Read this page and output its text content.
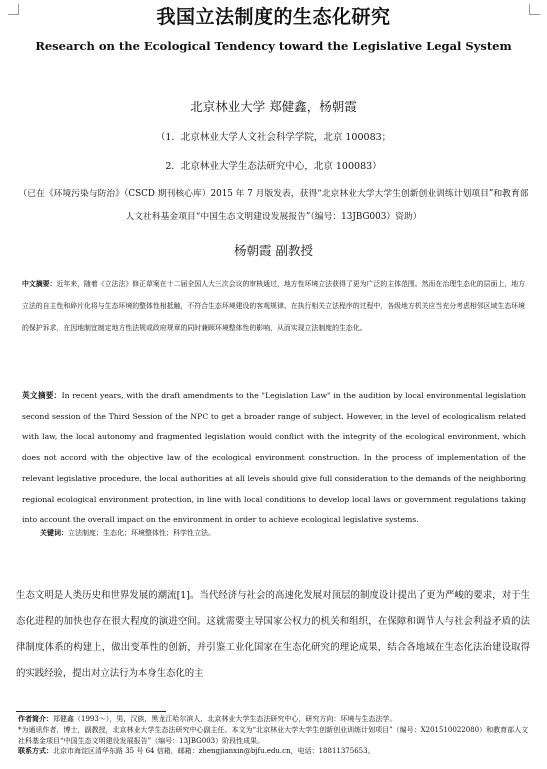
我国立法制度的生态化研究
Research on the Ecological Tendency toward the Legislative Legal System
北京林业大学 郑健鑫，杨朝霞
（1．北京林业大学人文社会科学学院，北京 100083；
2．北京林业大学生态法研究中心，北京 100083）
（已在《环境污染与防治》（CSCD 期刊核心库）2015 年 7 月版发表，获得“北京林业大学大学生创新创业训练计划项目”和教育部人文社科基金项目“中国生态文明建设发展报告”（编号：13JBG003）资助）
杨朝霞 副教授
中文摘要：近年来，随着《立法法》修正草案在十二届全国人大三次会议的审核通过，地方性环境立法获得了更为广泛的主体范围。然而在治理生态化的层面上，地方立法的自主性和碎片化将与生态环境的整体性相抵触，不符合生态环境建设的客观规律。在执行相关立法程序的过程中，各级地方机关应当充分考虑相邻区域生态环境的保护诉求，在因地制宜制定地方性法规或政府规章的同时兼顾环境整体性的影响，从而实现立法制度的生态化。
英文摘要：In recent years, with the draft amendments to the "Legislation Law" in the audition by local environmental legislation second session of the Third Session of the NPC to get a broader range of subject. However, in the level of ecologicalism related with law, the local autonomy and fragmented legislation would conflict with the integrity of the ecological environment, which does not accord with the objective law of the ecological environment construction. In the process of implementation of the relevant legislative procedure, the local authorities at all levels should give full consideration to the demands of the neighboring regional ecological environment protection, in line with local conditions to develop local laws or government regulations taking into account the overall impact on the environment in order to achieve ecological legislative systems.
关键词：立法制度；生态化；环境整体性；科学性立法。
生态文明是人类历史和世界发展的潮流[1]。当代经济与社会的高速化发展对顶层的制度设计提出了更为严峻的要求，对于生态化进程的加快也存在很大程度的演进空间。这就需要主导国家公权力的机关和组织，在保障和调节人与社会利益矛盾的法律制度体系的构建上，做出变革性的创新，并引鉴工业化国家在生态化研究的理论成果，结合各地域在生态化法治建设取得的实践经验，提出对立法行为本身生态化的主
作者简介：郑健鑫（1993～），男，汉族，黑龙江哈尔滨人，北京林业大学生态法研究中心，研究方向：环境与生态法学。
*为通讯作者，博士，副教授，北京林业大学生态法研究中心副主任。本文为“北京林业大学大学生创新创业训练计划项目”（编号：X201510022080）和教育部人文社科基金项目“中国生态文明建设发展报告”（编号：13JBG003）阶段性成果。
联系方式：北京市海淀区清华东路 35 号 64 信箱，邮箱：zhengjianxin@bjfu.edu.cn，电话：18811375653。
